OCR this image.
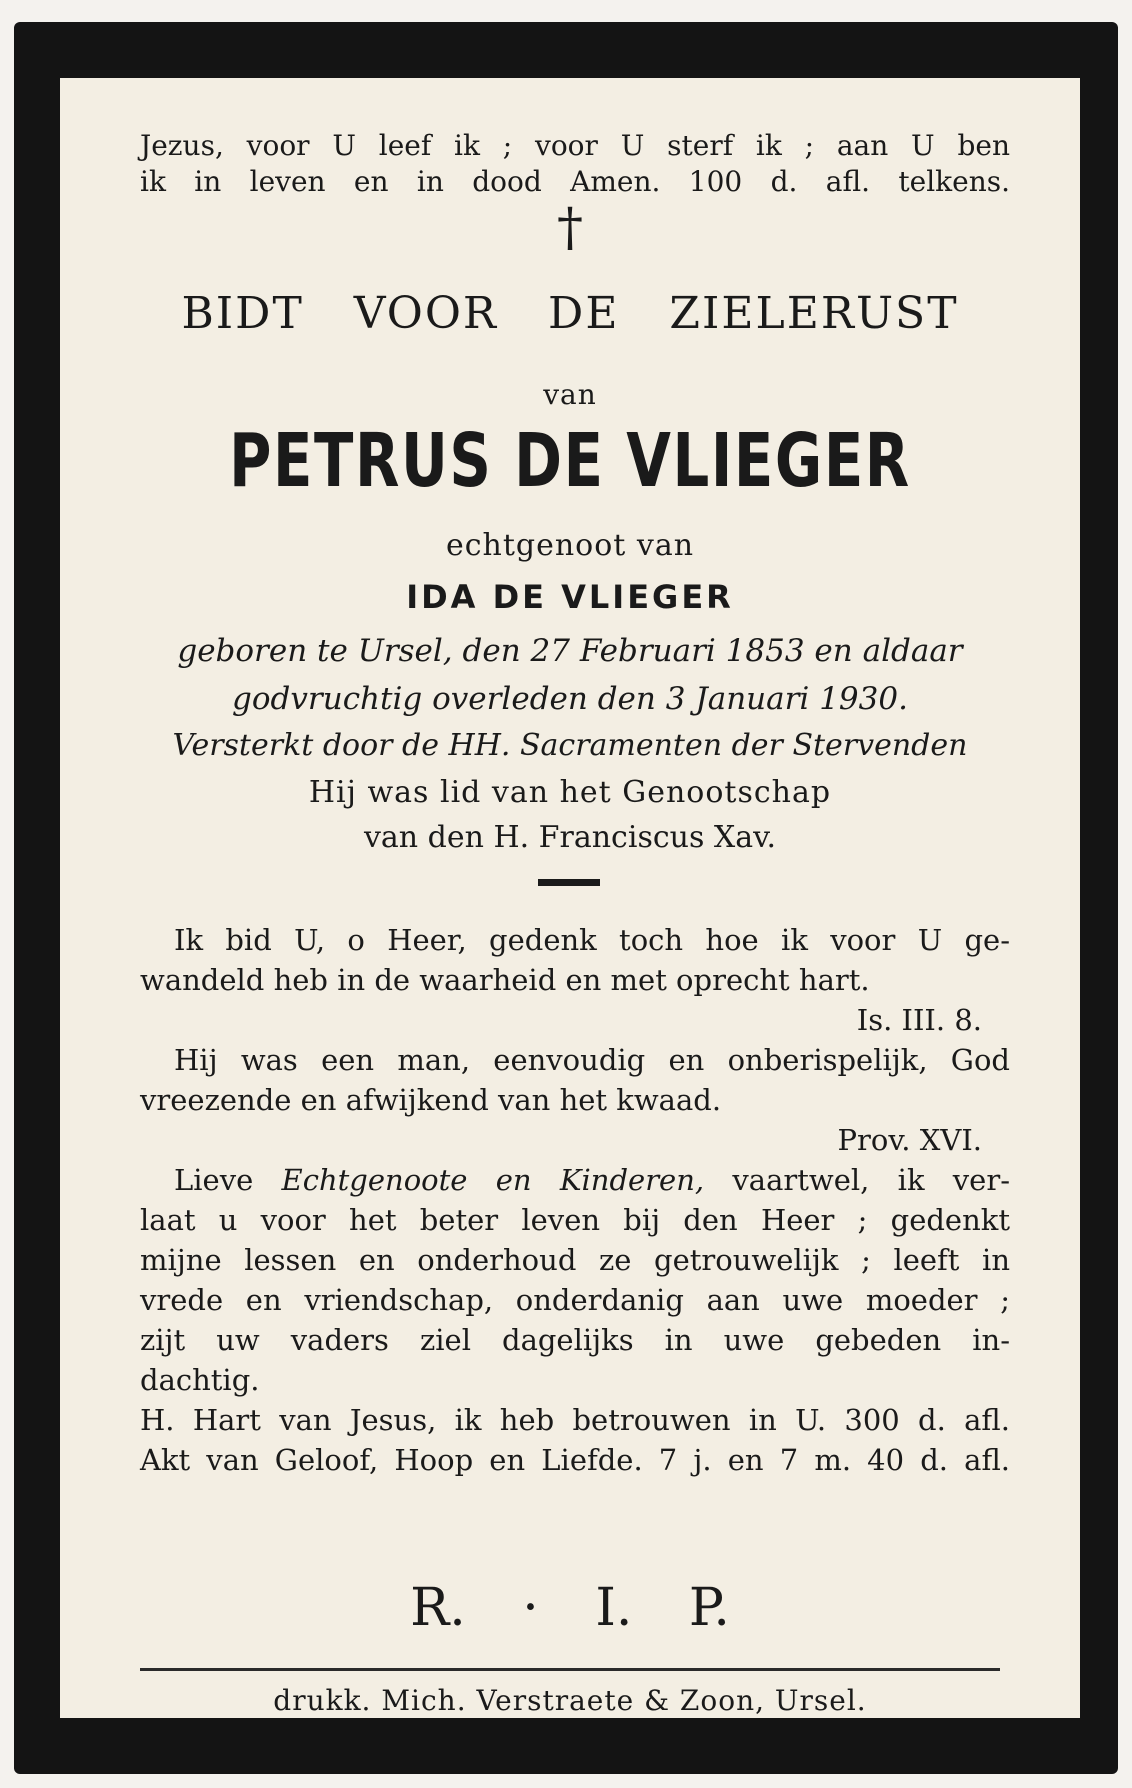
Jezus, voor U leef ik ; voor U sterf ik ; aan U ben
ik in leven en in dood Amen. 100 d. afl. telkens.
†
BIDT VOOR DE ZIELERUST
van
PETRUS DE VLIEGER
echtgenoot van
IDA DE VLIEGER
geboren te Ursel, den 27 Februari 1853 en aldaar
godvruchtig overleden den 3 Januari 1930.
Versterkt door de HH. Sacramenten der Stervenden
Hij was lid van het Genootschap
van den H. Franciscus Xav.
Ik bid U, o Heer, gedenk toch hoe ik voor U ge-
wandeld heb in de waarheid en met oprecht hart.
Is. III. 8.
Hij was een man, eenvoudig en onberispelijk, God
vreezende en afwijkend van het kwaad.
Prov. XVI.
Lieve Echtgenoote en Kinderen, vaartwel, ik ver-
laat u voor het beter leven bij den Heer ; gedenkt
mijne lessen en onderhoud ze getrouwelijk ; leeft in
vrede en vriendschap, onderdanig aan uwe moeder ;
zijt uw vaders ziel dagelijks in uwe gebeden in-
dachtig.
H. Hart van Jesus, ik heb betrouwen in U. 300 d. afl.
Akt van Geloof, Hoop en Liefde. 7 j. en 7 m. 40 d. afl.
R. · I. P.
drukk. Mich. Verstraete & Zoon, Ursel.
